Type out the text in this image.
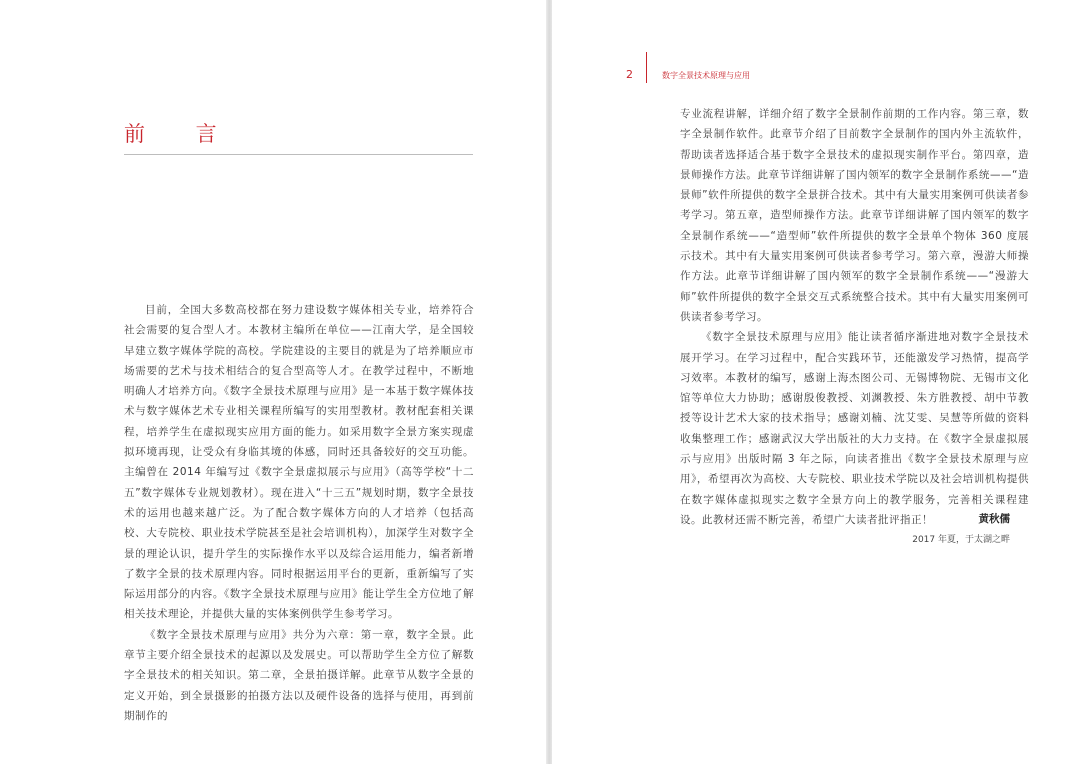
前 言

目前，全国大多数高校都在努力建设数字媒体相关专业，培养符合社会需要的复合型人才。本教材主编所在单位——江南大学，是全国较早建立数字媒体学院的高校。学院建设的主要目的就是为了培养顺应市场需要的艺术与技术相结合的复合型高等人才。在教学过程中，不断地明确人才培养方向。《数字全景技术原理与应用》是一本基于数字媒体技术与数字媒体艺术专业相关课程所编写的实用型教材。教材配套相关课程，培养学生在虚拟现实应用方面的能力。如采用数字全景方案实现虚拟环境再现，让受众有身临其境的体感，同时还具备较好的交互功能。主编曾在 2014 年编写过《数字全景虚拟展示与应用》（高等学校“十二五”数字媒体专业规划教材）。现在进入“十三五”规划时期，数字全景技术的运用也越来越广泛。为了配合数字媒体方向的人才培养（包括高校、大专院校、职业技术学院甚至是社会培训机构），加深学生对数字全景的理论认识，提升学生的实际操作水平以及综合运用能力，编者新增了数字全景的技术原理内容。同时根据运用平台的更新，重新编写了实际运用部分的内容。《数字全景技术原理与应用》能让学生全方位地了解相关技术理论，并提供大量的实体案例供学生参考学习。

《数字全景技术原理与应用》共分为六章：第一章，数字全景。此章节主要介绍全景技术的起源以及发展史。可以帮助学生全方位了解数字全景技术的相关知识。第二章，全景拍摄详解。此章节从数字全景的定义开始，到全景摄影的拍摄方法以及硬件设备的选择与使用，再到前期制作的

2	数字全景技术原理与应用

专业流程讲解，详细介绍了数字全景制作前期的工作内容。第三章，数字全景制作软件。此章节介绍了目前数字全景制作的国内外主流软件，帮助读者选择适合基于数字全景技术的虚拟现实制作平台。第四章，造景师操作方法。此章节详细讲解了国内领军的数字全景制作系统——“造景师”软件所提供的数字全景拼合技术。其中有大量实用案例可供读者参考学习。第五章，造型师操作方法。此章节详细讲解了国内领军的数字全景制作系统——“造型师”软件所提供的数字全景单个物体 360 度展示技术。其中有大量实用案例可供读者参考学习。第六章，漫游大师操作方法。此章节详细讲解了国内领军的数字全景制作系统——“漫游大师”软件所提供的数字全景交互式系统整合技术。其中有大量实用案例可供读者参考学习。

《数字全景技术原理与应用》能让读者循序渐进地对数字全景技术展开学习。在学习过程中，配合实践环节，还能激发学习热情，提高学习效率。本教材的编写，感谢上海杰图公司、无锡博物院、无锡市文化馆等单位大力协助；感谢殷俊教授、刘渊教授、朱方胜教授、胡中节教授等设计艺术大家的技术指导；感谢刘楠、沈艾雯、吴慧等所做的资料收集整理工作；感谢武汉大学出版社的大力支持。在《数字全景虚拟展示与应用》出版时隔 3 年之际，向读者推出《数字全景技术原理与应用》，希望再次为高校、大专院校、职业技术学院以及社会培训机构提供在数字媒体虚拟现实之数字全景方向上的教学服务，完善相关课程建设。此教材还需不断完善，希望广大读者批评指正！	黄秋儒
2017 年夏，于太湖之畔
